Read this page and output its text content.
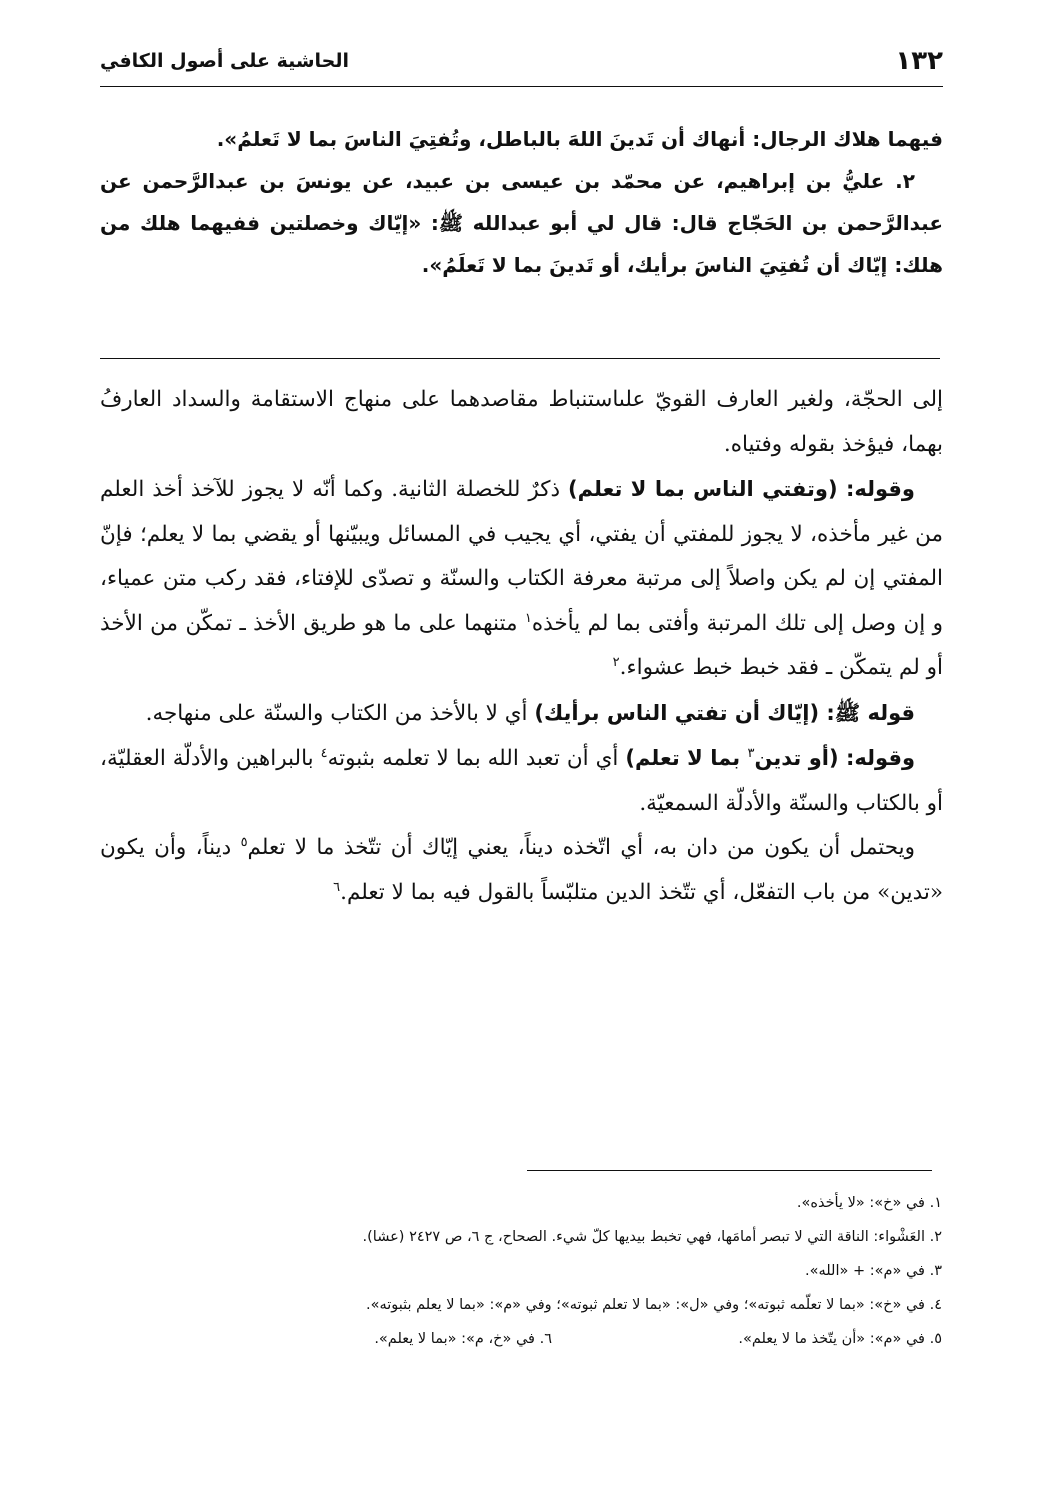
١٣٢
الحاشية على أصول الكافي

فيهما هلاك الرجال: أنهاك أن تَدينَ اللهَ بالباطل، وتُفتِيَ الناسَ بما لا تَعلمُ».

٢. عليُّ بن إبراهيم، عن محمّد بن عيسى بن عبيد، عن يونسَ بن عبدالرَّحمن عن عبدالرَّحمن بن الحَجّاج قال: قال لي أبو عبدالله ﷺ: «إيّاك وخصلتين ففيهما هلك من هلك: إيّاك أن تُفتِيَ الناسَ برأيك، أو تَدينَ بما لا تَعلَمُ».

إلى الحجّة، ولغير العارف القويّ علىاستنباط مقاصدهما على منهاج الاستقامة والسداد العارفُ بهما، فيؤخذ بقوله وفتياه.

وقوله: (وتفتي الناس بما لا تعلم) ذكرٌ للخصلة الثانية. وكما أنّه لا يجوز للآخذ أخذ العلم من غير مأخذه، لا يجوز للمفتي أن يفتي، أي يجيب في المسائل ويبيّنها أو يقضي بما لا يعلم؛ فإنّ المفتي إن لم يكن واصلاً إلى مرتبة معرفة الكتاب والسنّة و تصدّى للإفتاء، فقد ركب متن عمياء، و إن وصل إلى تلك المرتبة وأفتى بما لم يأخذه$^١$ متنهما على ما هو طريق الأخذ ـ تمكّن من الأخذ أو لم يتمكّن ـ فقد خبط خبط عشواء.$^٢$

قوله ﷺ: (إيّاك أن تفتي الناس برأيك) أي لا بالأخذ من الكتاب والسنّة على منهاجه.

وقوله: (أو تدين$^٣$ بما لا تعلم) أي أن تعبد الله بما لا تعلمه بثبوته$^٤$ بالبراهين والأدلّة العقليّة، أو بالكتاب والسنّة والأدلّة السمعيّة.

ويحتمل أن يكون من دان به، أي اتّخذه ديناً، يعني إيّاك أن تتّخذ ما لا تعلم$^٥$ ديناً، وأن يكون «تدين» من باب التفعّل، أي تتّخذ الدين متلبّساً بالقول فيه بما لا تعلم.$^٦$

١. في «خ»: «لا يأخذه».
٢. العَشْواء: الناقة التي لا تبصر أمامَها، فهي تخبط بيديها كلّ شيء. الصحاح، ج ٦، ص ٢٤٢٧ (عشا).
٣. في «م»: + «الله».
٤. في «خ»: «بما لا تعلّمه ثبوته»؛ وفي «ل»: «بما لا تعلم ثبوته»؛ وفي «م»: «بما لا يعلم بثبوته».
٥. في «م»: «أن يتّخذ ما لا يعلم».
٦. في «خ، م»: «بما لا يعلم».
